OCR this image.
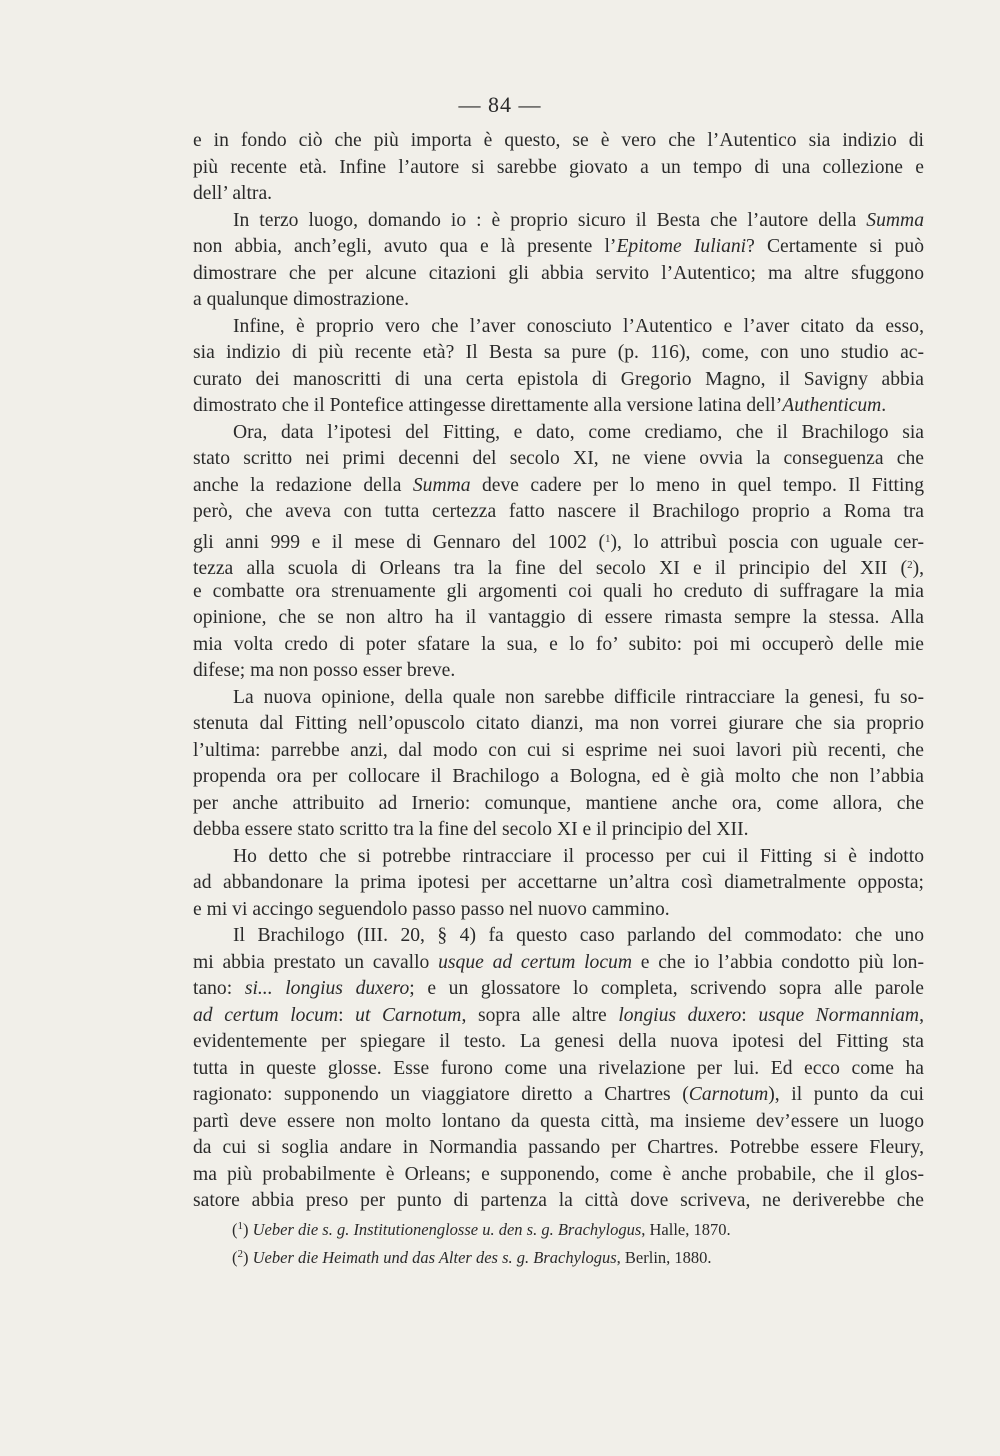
— 84 —
e in fondo ciò che più importa è questo, se è vero che l’Autentico sia indizio di
più recente età. Infine l’autore si sarebbe giovato a un tempo di una collezione e
dell’ altra.
In terzo luogo, domando io : è proprio sicuro il Besta che l’autore della Summa
non abbia, anch’egli, avuto qua e là presente l’Epitome Iuliani? Certamente si può
dimostrare che per alcune citazioni gli abbia servito l’Autentico; ma altre sfuggono
a qualunque dimostrazione.
Infine, è proprio vero che l’aver conosciuto l’Autentico e l’aver citato da esso,
sia indizio di più recente età? Il Besta sa pure (p. 116), come, con uno studio ac-
curato dei manoscritti di una certa epistola di Gregorio Magno, il Savigny abbia
dimostrato che il Pontefice attingesse direttamente alla versione latina dell’Authenticum.
Ora, data l’ipotesi del Fitting, e dato, come crediamo, che il Brachilogo sia
stato scritto nei primi decenni del secolo XI, ne viene ovvia la conseguenza che
anche la redazione della Summa deve cadere per lo meno in quel tempo. Il Fitting
però, che aveva con tutta certezza fatto nascere il Brachilogo proprio a Roma tra
gli anni 999 e il mese di Gennaro del 1002 ($^1$), lo attribuì poscia con uguale cer-
tezza alla scuola di Orleans tra la fine del secolo XI e il principio del XII ($^2$),
e combatte ora strenuamente gli argomenti coi quali ho creduto di suffragare la mia
opinione, che se non altro ha il vantaggio di essere rimasta sempre la stessa. Alla
mia volta credo di poter sfatare la sua, e lo fo’ subito: poi mi occuperò delle mie
difese; ma non posso esser breve.
La nuova opinione, della quale non sarebbe difficile rintracciare la genesi, fu so-
stenuta dal Fitting nell’opuscolo citato dianzi, ma non vorrei giurare che sia proprio
l’ultima: parrebbe anzi, dal modo con cui si esprime nei suoi lavori più recenti, che
propenda ora per collocare il Brachilogo a Bologna, ed è già molto che non l’abbia
per anche attribuito ad Irnerio: comunque, mantiene anche ora, come allora, che
debba essere stato scritto tra la fine del secolo XI e il principio del XII.
Ho detto che si potrebbe rintracciare il processo per cui il Fitting si è indotto
ad abbandonare la prima ipotesi per accettarne un’altra così diametralmente opposta;
e mi vi accingo seguendolo passo passo nel nuovo cammino.
Il Brachilogo (III. 20, § 4) fa questo caso parlando del commodato: che uno
mi abbia prestato un cavallo usque ad certum locum e che io l’abbia condotto più lon-
tano: si... longius duxero; e un glossatore lo completa, scrivendo sopra alle parole
ad certum locum: ut Carnotum, sopra alle altre longius duxero: usque Normanniam,
evidentemente per spiegare il testo. La genesi della nuova ipotesi del Fitting sta
tutta in queste glosse. Esse furono come una rivelazione per lui. Ed ecco come ha
ragionato: supponendo un viaggiatore diretto a Chartres (Carnotum), il punto da cui
partì deve essere non molto lontano da questa città, ma insieme dev’essere un luogo
da cui si soglia andare in Normandia passando per Chartres. Potrebbe essere Fleury,
ma più probabilmente è Orleans; e supponendo, come è anche probabile, che il glos-
satore abbia preso per punto di partenza la città dove scriveva, ne deriverebbe che
($^1$) Ueber die s. g. Institutionenglosse u. den s. g. Brachylogus, Halle, 1870.
($^2$) Ueber die Heimath und das Alter des s. g. Brachylogus, Berlin, 1880.
